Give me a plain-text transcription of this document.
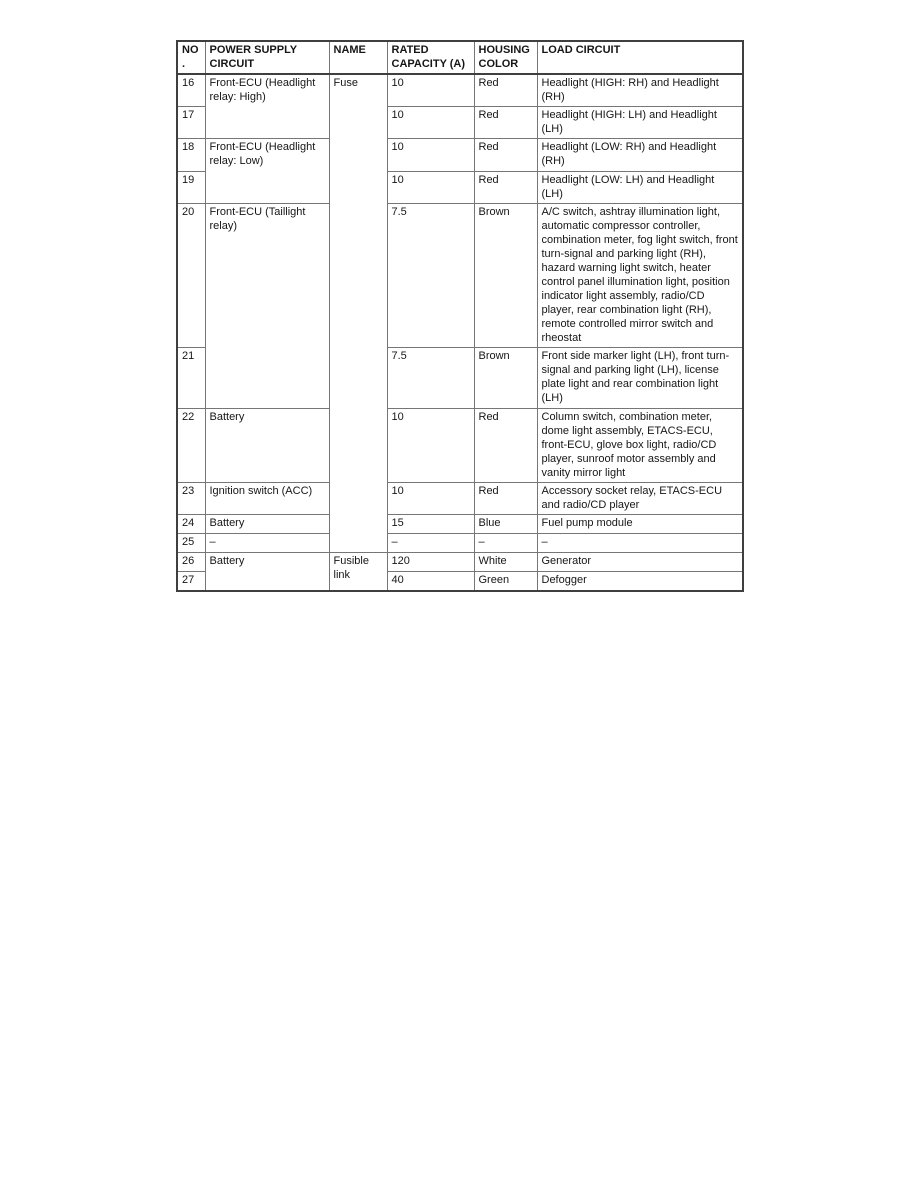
NO.	POWER SUPPLY CIRCUIT	NAME	RATED CAPACITY (A)	HOUSING COLOR	LOAD CIRCUIT
16	Front-ECU (Headlight relay: High)	Fuse	10	Red	Headlight (HIGH: RH) and Headlight (RH)
17			10	Red	Headlight (HIGH: LH) and Headlight (LH)
18	Front-ECU (Headlight relay: Low)		10	Red	Headlight (LOW: RH) and Headlight (RH)
19			10	Red	Headlight (LOW: LH) and Headlight (LH)
20	Front-ECU (Taillight relay)		7.5	Brown	A/C switch, ashtray illumination light, automatic compressor controller, combination meter, fog light switch, front turn-signal and parking light (RH), hazard warning light switch, heater control panel illumination light, position indicator light assembly, radio/CD player, rear combination light (RH), remote controlled mirror switch and rheostat
21			7.5	Brown	Front side marker light (LH), front turn-signal and parking light (LH), license plate light and rear combination light (LH)
22	Battery		10	Red	Column switch, combination meter, dome light assembly, ETACS-ECU, front-ECU, glove box light, radio/CD player, sunroof motor assembly and vanity mirror light
23	Ignition switch (ACC)		10	Red	Accessory socket relay, ETACS-ECU and radio/CD player
24	Battery		15	Blue	Fuel pump module
25	–		–	–	–
26	Battery	Fusible link	120	White	Generator
27			40	Green	Defogger
